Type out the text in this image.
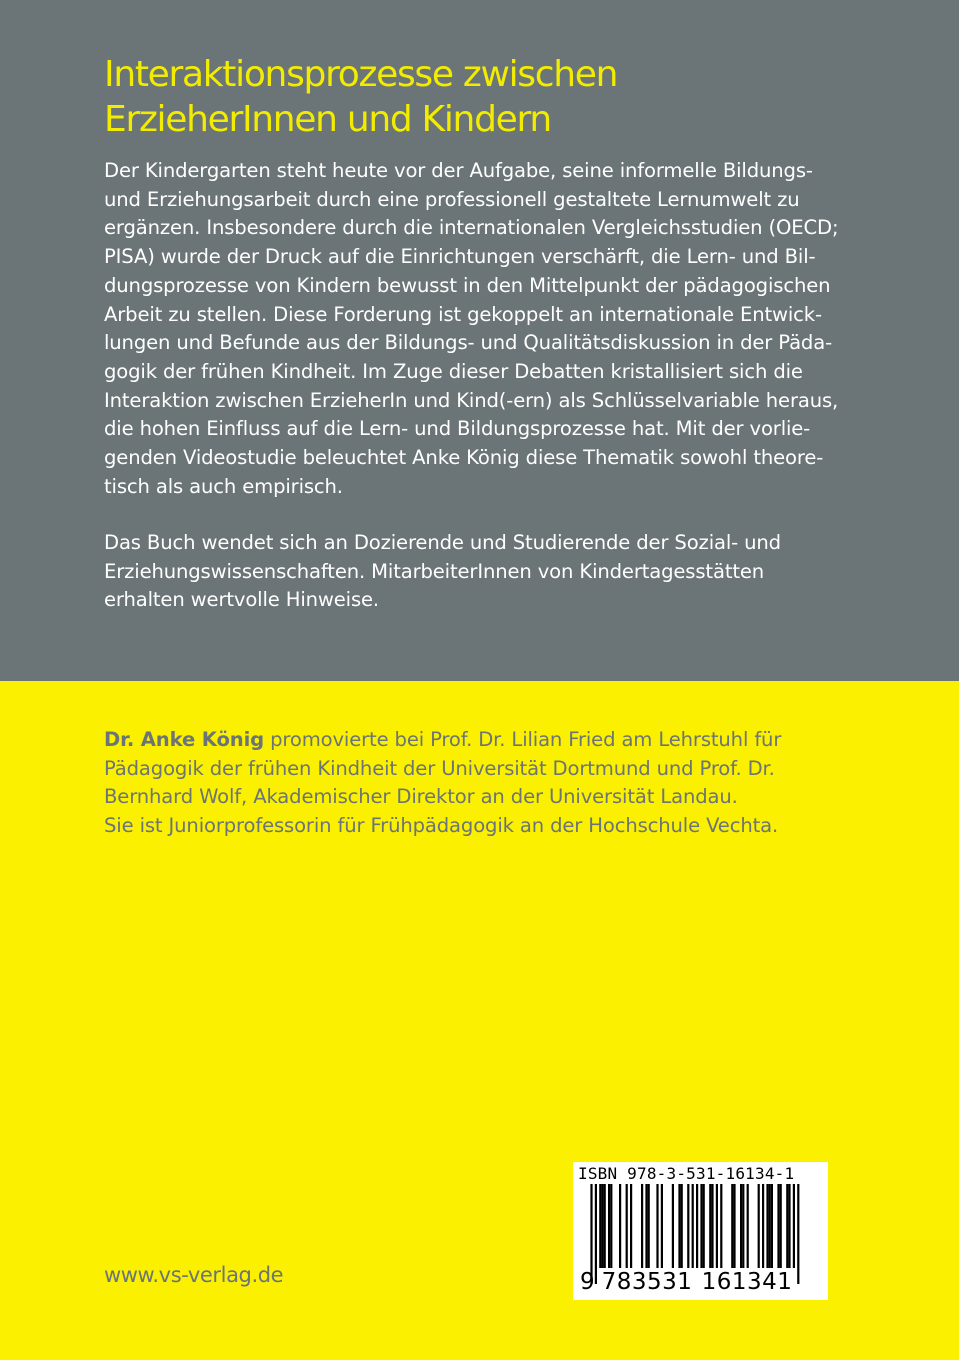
Interaktionsprozesse zwischen
ErzieherInnen und Kindern
Der Kindergarten steht heute vor der Aufgabe, seine informelle Bildungs-
und Erziehungsarbeit durch eine professionell gestaltete Lernumwelt zu
ergänzen. Insbesondere durch die internationalen Vergleichsstudien (OECD;
PISA) wurde der Druck auf die Einrichtungen verschärft, die Lern- und Bil-
dungsprozesse von Kindern bewusst in den Mittelpunkt der pädagogischen
Arbeit zu stellen. Diese Forderung ist gekoppelt an internationale Entwick-
lungen und Befunde aus der Bildungs- und Qualitätsdiskussion in der Päda-
gogik der frühen Kindheit. Im Zuge dieser Debatten kristallisiert sich die
Interaktion zwischen ErzieherIn und Kind(-ern) als Schlüsselvariable heraus,
die hohen Einfluss auf die Lern- und Bildungsprozesse hat. Mit der vorlie-
genden Videostudie beleuchtet Anke König diese Thematik sowohl theore-
tisch als auch empirisch.
Das Buch wendet sich an Dozierende und Studierende der Sozial- und
Erziehungswissenschaften. MitarbeiterInnen von Kindertagesstätten
erhalten wertvolle Hinweise.
Dr. Anke König promovierte bei Prof. Dr. Lilian Fried am Lehrstuhl für
Pädagogik der frühen Kindheit der Universität Dortmund und Prof. Dr.
Bernhard Wolf, Akademischer Direktor an der Universität Landau.
Sie ist Juniorprofessorin für Frühpädagogik an der Hochschule Vechta.
www.vs-verlag.de
ISBN 978-3-531-16134-1
9 783531 161341
